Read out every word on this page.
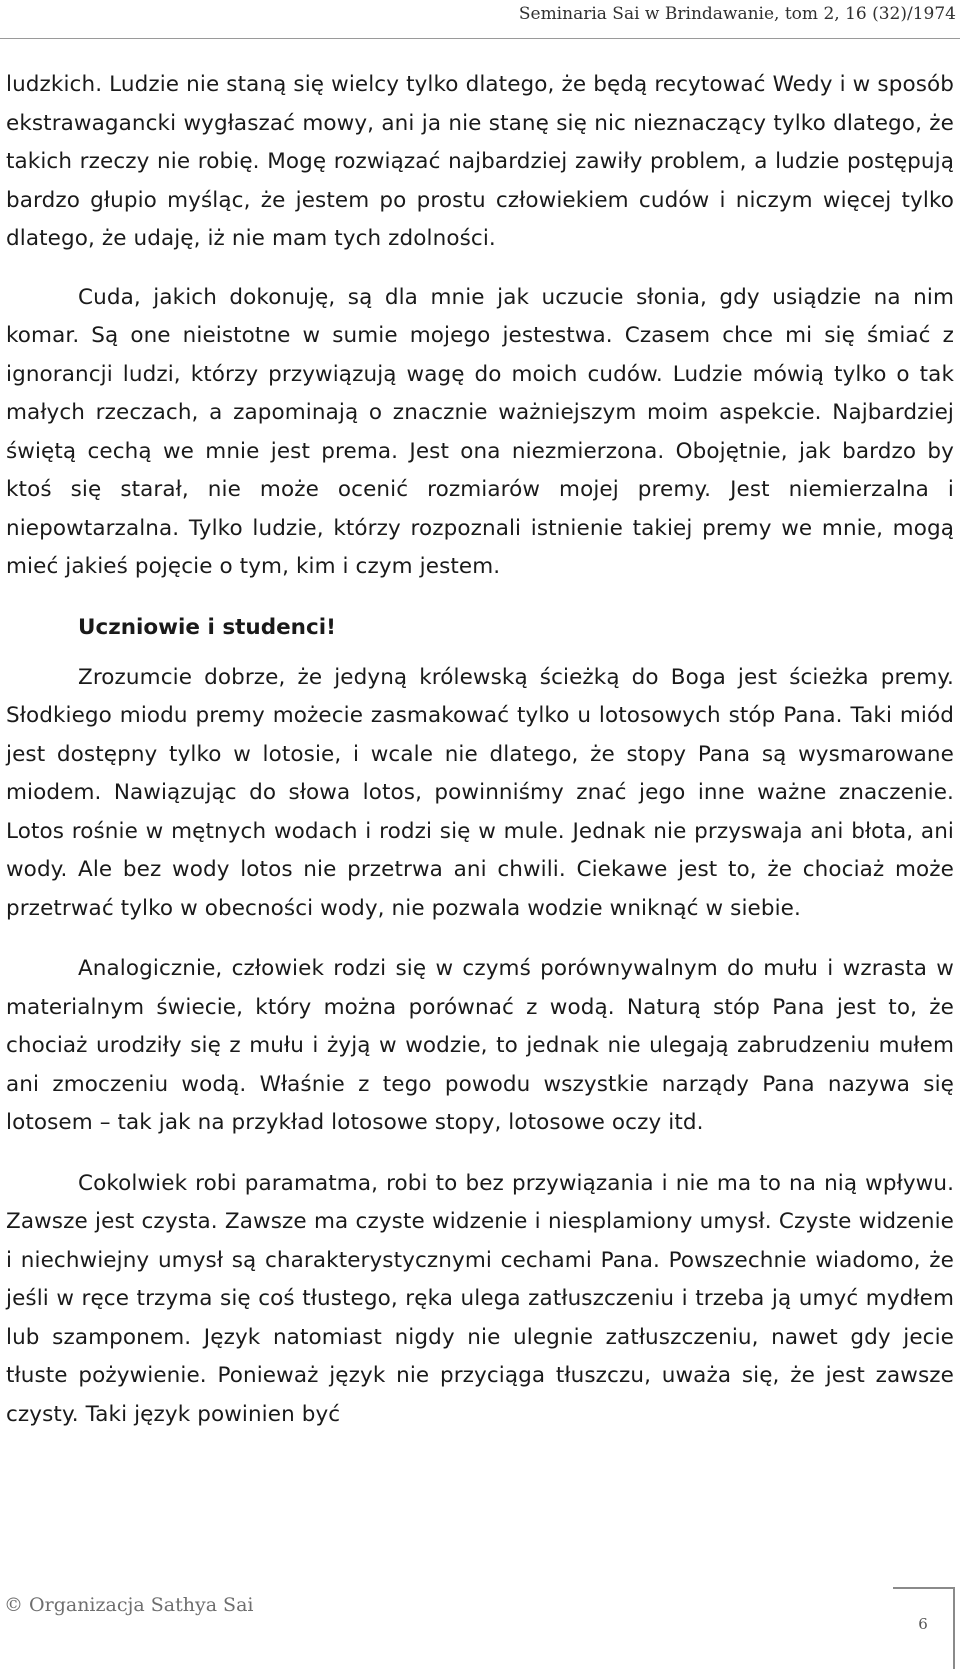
Seminaria Sai w Brindawanie, tom 2, 16 (32)/1974

ludzkich. Ludzie nie staną się wielcy tylko dlatego, że będą recytować Wedy i w sposób ekstrawagancki wygłaszać mowy, ani ja nie stanę się nic nieznaczący tylko dlatego, że takich rzeczy nie robię. Mogę rozwiązać najbardziej zawiły problem, a ludzie postępują bardzo głupio myśląc, że jestem po prostu człowiekiem cudów i niczym więcej tylko dlatego, że udaję, iż nie mam tych zdolności.

Cuda, jakich dokonuję, są dla mnie jak uczucie słonia, gdy usiądzie na nim komar. Są one nieistotne w sumie mojego jestestwa. Czasem chce mi się śmiać z ignorancji ludzi, którzy przywiązują wagę do moich cudów. Ludzie mówią tylko o tak małych rzeczach, a zapominają o znacznie ważniejszym moim aspekcie. Najbardziej świętą cechą we mnie jest prema. Jest ona niezmierzona. Obojętnie, jak bardzo by ktoś się starał, nie może ocenić rozmiarów mojej premy. Jest niemierzalna i niepowtarzalna. Tylko ludzie, którzy rozpoznali istnienie takiej premy we mnie, mogą mieć jakieś pojęcie o tym, kim i czym jestem.

Uczniowie i studenci!

Zrozumcie dobrze, że jedyną królewską ścieżką do Boga jest ścieżka premy. Słodkiego miodu premy możecie zasmakować tylko u lotosowych stóp Pana. Taki miód jest dostępny tylko w lotosie, i wcale nie dlatego, że stopy Pana są wysmarowane miodem. Nawiązując do słowa lotos, powinniśmy znać jego inne ważne znaczenie. Lotos rośnie w mętnych wodach i rodzi się w mule. Jednak nie przyswaja ani błota, ani wody. Ale bez wody lotos nie przetrwa ani chwili. Ciekawe jest to, że chociaż może przetrwać tylko w obecności wody, nie pozwala wodzie wniknąć w siebie.

Analogicznie, człowiek rodzi się w czymś porównywalnym do mułu i wzrasta w materialnym świecie, który można porównać z wodą. Naturą stóp Pana jest to, że chociaż urodziły się z mułu i żyją w wodzie, to jednak nie ulegają zabrudzeniu mułem ani zmoczeniu wodą. Właśnie z tego powodu wszystkie narządy Pana nazywa się lotosem – tak jak na przykład lotosowe stopy, lotosowe oczy itd.

Cokolwiek robi paramatma, robi to bez przywiązania i nie ma to na nią wpływu. Zawsze jest czysta. Zawsze ma czyste widzenie i niesplamiony umysł. Czyste widzenie i niechwiejny umysł są charakterystycznymi cechami Pana. Powszechnie wiadomo, że jeśli w ręce trzyma się coś tłustego, ręka ulega zatłuszczeniu i trzeba ją umyć mydłem lub szamponem. Język natomiast nigdy nie ulegnie zatłuszczeniu, nawet gdy jecie tłuste pożywienie. Ponieważ język nie przyciąga tłuszczu, uważa się, że jest zawsze czysty. Taki język powinien być

© Organizacja Sathya Sai
6
